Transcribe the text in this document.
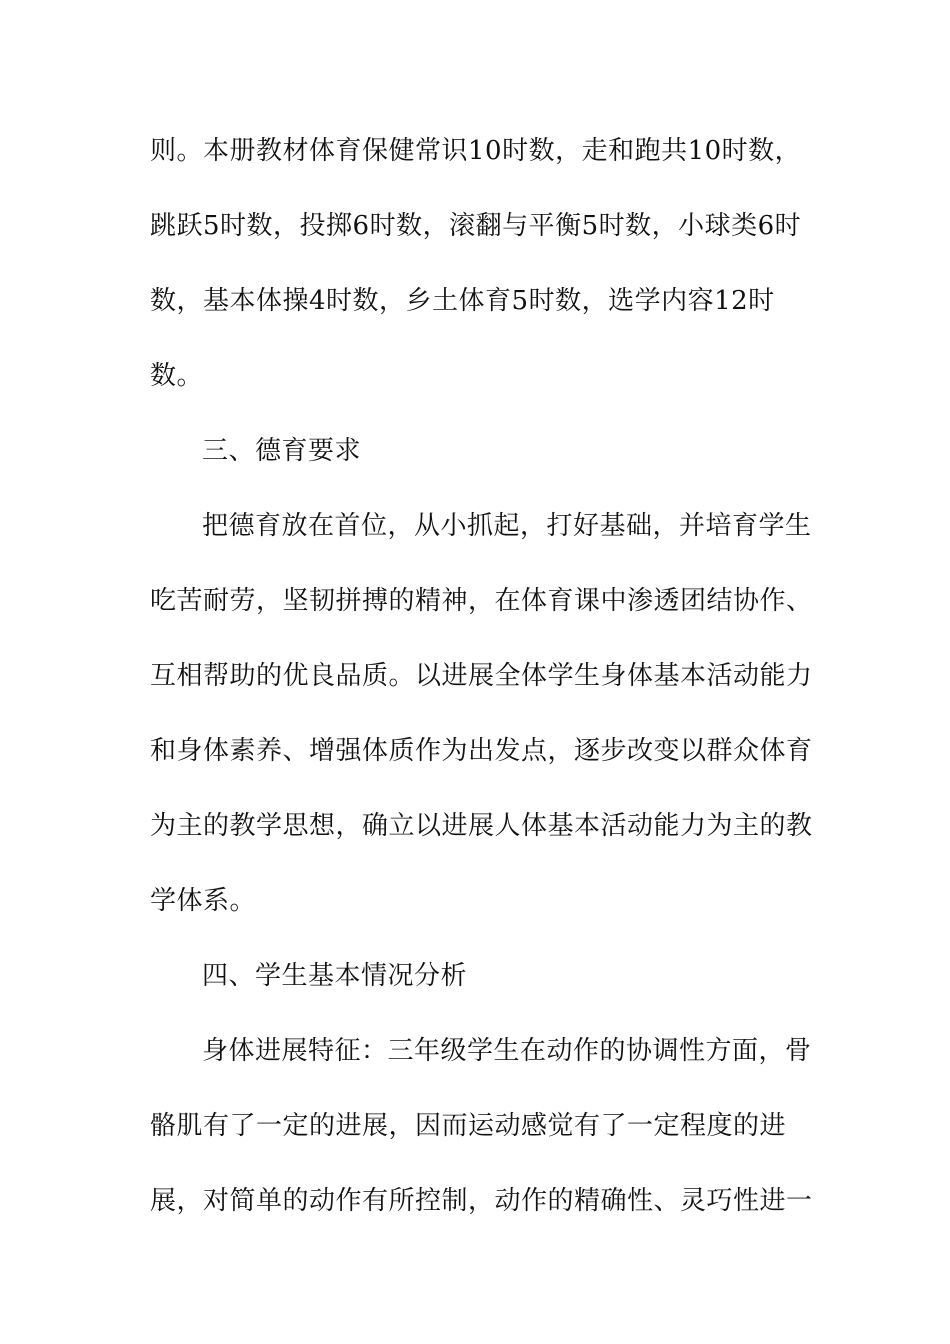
则。本册教材体育保健常识10时数，走和跑共10时数，
跳跃5时数，投掷6时数，滚翻与平衡5时数，小球类6时
数，基本体操4时数，乡土体育5时数，选学内容12时
数。
三、德育要求
把德育放在首位，从小抓起，打好基础，并培育学生
吃苦耐劳，坚韧拼搏的精神，在体育课中渗透团结协作、
互相帮助的优良品质。以进展全体学生身体基本活动能力
和身体素养、增强体质作为出发点，逐步改变以群众体育
为主的教学思想，确立以进展人体基本活动能力为主的教
学体系。
四、学生基本情况分析
身体进展特征：三年级学生在动作的协调性方面，骨
骼肌有了一定的进展，因而运动感觉有了一定程度的进
展，对简单的动作有所控制，动作的精确性、灵巧性进一
